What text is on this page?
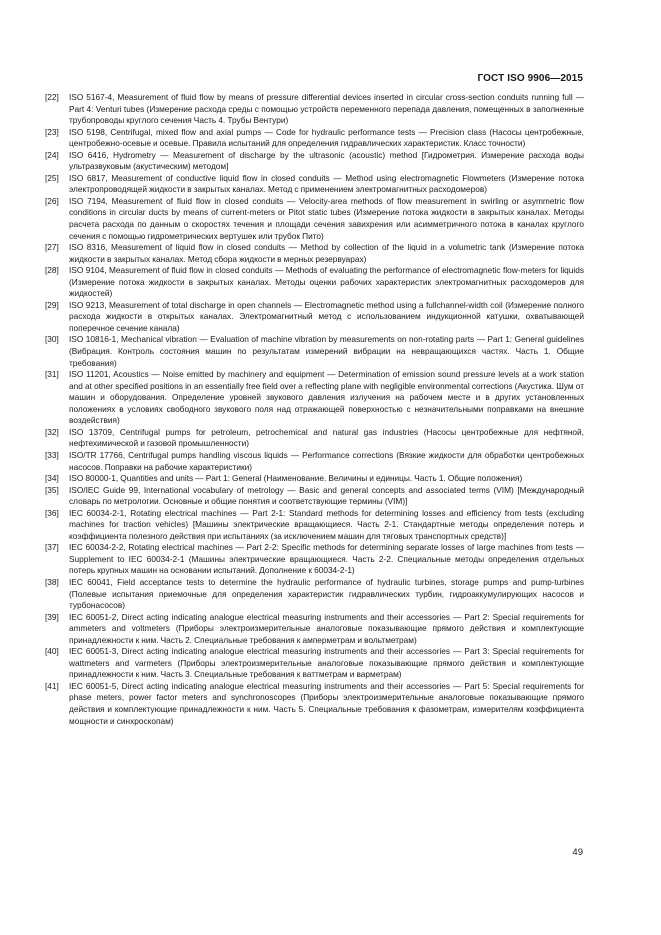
ГОСТ ISO 9906—2015
[22]	ISO 5167-4, Measurement of fluid flow by means of pressure differential devices inserted in circular cross-section conduits running full — Part 4: Venturi tubes (Измерение расхода среды с помощью устройств переменного перепада давления, помещенных в заполненные трубопроводы круглого сечения Часть 4. Трубы Вентури)
[23]	ISO 5198, Centrifugal, mixed flow and axial pumps — Code for hydraulic performance tests — Precision class (Насосы центробежные, центробежно-осевые и осевые. Правила испытаний для определения гидравлических характеристик. Класс точности)
[24]	ISO 6416, Hydrometry — Measurement of discharge by the ultrasonic (acoustic) method [Гидрометрия. Измерение расхода воды ультразвуковым (акустическим) методом]
[25]	ISO 6817, Measurement of conductive liquid flow in closed conduits — Method using electromagnetic Flowmeters (Измерение потока электропроводящей жидкости в закрытых каналах. Метод с применением электромагнитных расходомеров)
[26]	ISO 7194, Measurement of fluid flow in closed conduits — Velocity-area methods of flow measurement in swirling or asymmetric flow conditions in circular ducts by means of current-meters or Pitot static tubes (Измерение потока жидкости в закрытых каналах. Методы расчета расхода по данным о скоростях течения и площади сечения завихрения или асимметричного потока в каналах круглого сечения с помощью гидрометрических вертушек или трубок Пито)
[27]	ISO 8316, Measurement of liquid flow in closed conduits — Method by collection of the liquid in a volumetric tank (Измерение потока жидкости в закрытых каналах. Метод сбора жидкости в мерных резервуарах)
[28]	ISO 9104, Measurement of fluid flow in closed conduits — Methods of evaluating the performance of electromagnetic flow-meters for liquids (Измерение потока жидкости в закрытых каналах. Методы оценки рабочих характеристик электромагнитных расходомеров для жидкостей)
[29]	ISO 9213, Measurement of total discharge in open channels — Electromagnetic method using a fullchannel-width coil (Измерение полного расхода жидкости в открытых каналах. Электромагнитный метод с использованием индукционной катушки, охватывающей поперечное сечение канала)
[30]	ISO 10816-1, Mechanical vibration — Evaluation of machine vibration by measurements on non-rotating parts — Part 1: General guidelines (Вибрация. Контроль состояния машин по результатам измерений вибрации на невращающихся частях. Часть 1. Общие требования)
[31]	ISO 11201, Acoustics — Noise emitted by machinery and equipment — Determination of emission sound pressure levels at a work station and at other specified positions in an essentially free field over a reflecting plane with negligible environmental corrections (Акустика. Шум от машин и оборудования. Определение уровней звукового давления излучения на рабочем месте и в других установленных положениях в условиях свободного звукового поля над отражающей поверхностью с незначительными поправками на внешние воздействия)
[32]	ISO 13709, Centrifugal pumps for petroleum, petrochemical and natural gas industries (Насосы центробежные для нефтяной, нефтехимической и газовой промышленности)
[33]	ISO/TR 17766, Centrifugal pumps handling viscous liquids — Performance corrections (Вязкие жидкости для обработки центробежных насосов. Поправки на рабочие характеристики)
[34]	ISO 80000-1, Quantities and units — Part 1: General (Наименование. Величины и единицы. Часть 1. Общие положения)
[35]	ISO/IEC Guide 99, International vocabulary of metrology — Basic and general concepts and associated terms (VIM) [Международный словарь по метрологии. Основные и общие понятия и соответствующие термины (VIM)]
[36]	IEC 60034-2-1, Rotating electrical machines — Part 2-1: Standard methods for determining losses and efficiency from tests (excluding machines for traction vehicles) [Машины электрические вращающиеся. Часть 2-1. Стандартные методы определения потерь и коэффициента полезного действия при испытаниях (за исключением машин для тяговых транспортных средств)]
[37]	IEC 60034-2-2, Rotating electrical machines — Part 2-2: Specific methods for determining separate losses of large machines from tests — Supplement to IEC 60034-2-1 (Машины электрические вращающиеся. Часть 2-2. Специальные методы определения отдельных потерь крупных машин на основании испытаний. Дополнение к 60034-2-1)
[38]	IEC 60041, Field acceptance tests to determine the hydraulic performance of hydraulic turbines, storage pumps and pump-turbines (Полевые испытания приемочные для определения характеристик гидравлических турбин, гидроаккумулирующих насосов и турбонасосов)
[39]	IEC 60051-2, Direct acting indicating analogue electrical measuring instruments and their accessories — Part 2: Special requirements for ammeters and voltmeters (Приборы электроизмерительные аналоговые показывающие прямого действия и комплектующие принадлежности к ним. Часть 2. Специальные требования к амперметрам и вольтметрам)
[40]	IEC 60051-3, Direct acting indicating analogue electrical measuring instruments and their accessories — Part 3: Special requirements for wattmeters and varmeters (Приборы электроизмерительные аналоговые показывающие прямого действия и комплектующие принадлежности к ним. Часть 3. Специальные требования к ваттметрам и варметрам)
[41]	IEC 60051-5, Direct acting indicating analogue electrical measuring instruments and their accessories — Part 5: Special requirements for phase meters, power factor meters and synchronoscopes (Приборы электроизмерительные аналоговые показывающие прямого действия и комплектующие принадлежности к ним. Часть 5. Специальные требования к фазометрам, измерителям коэффициента мощности и синхроскопам)
49
